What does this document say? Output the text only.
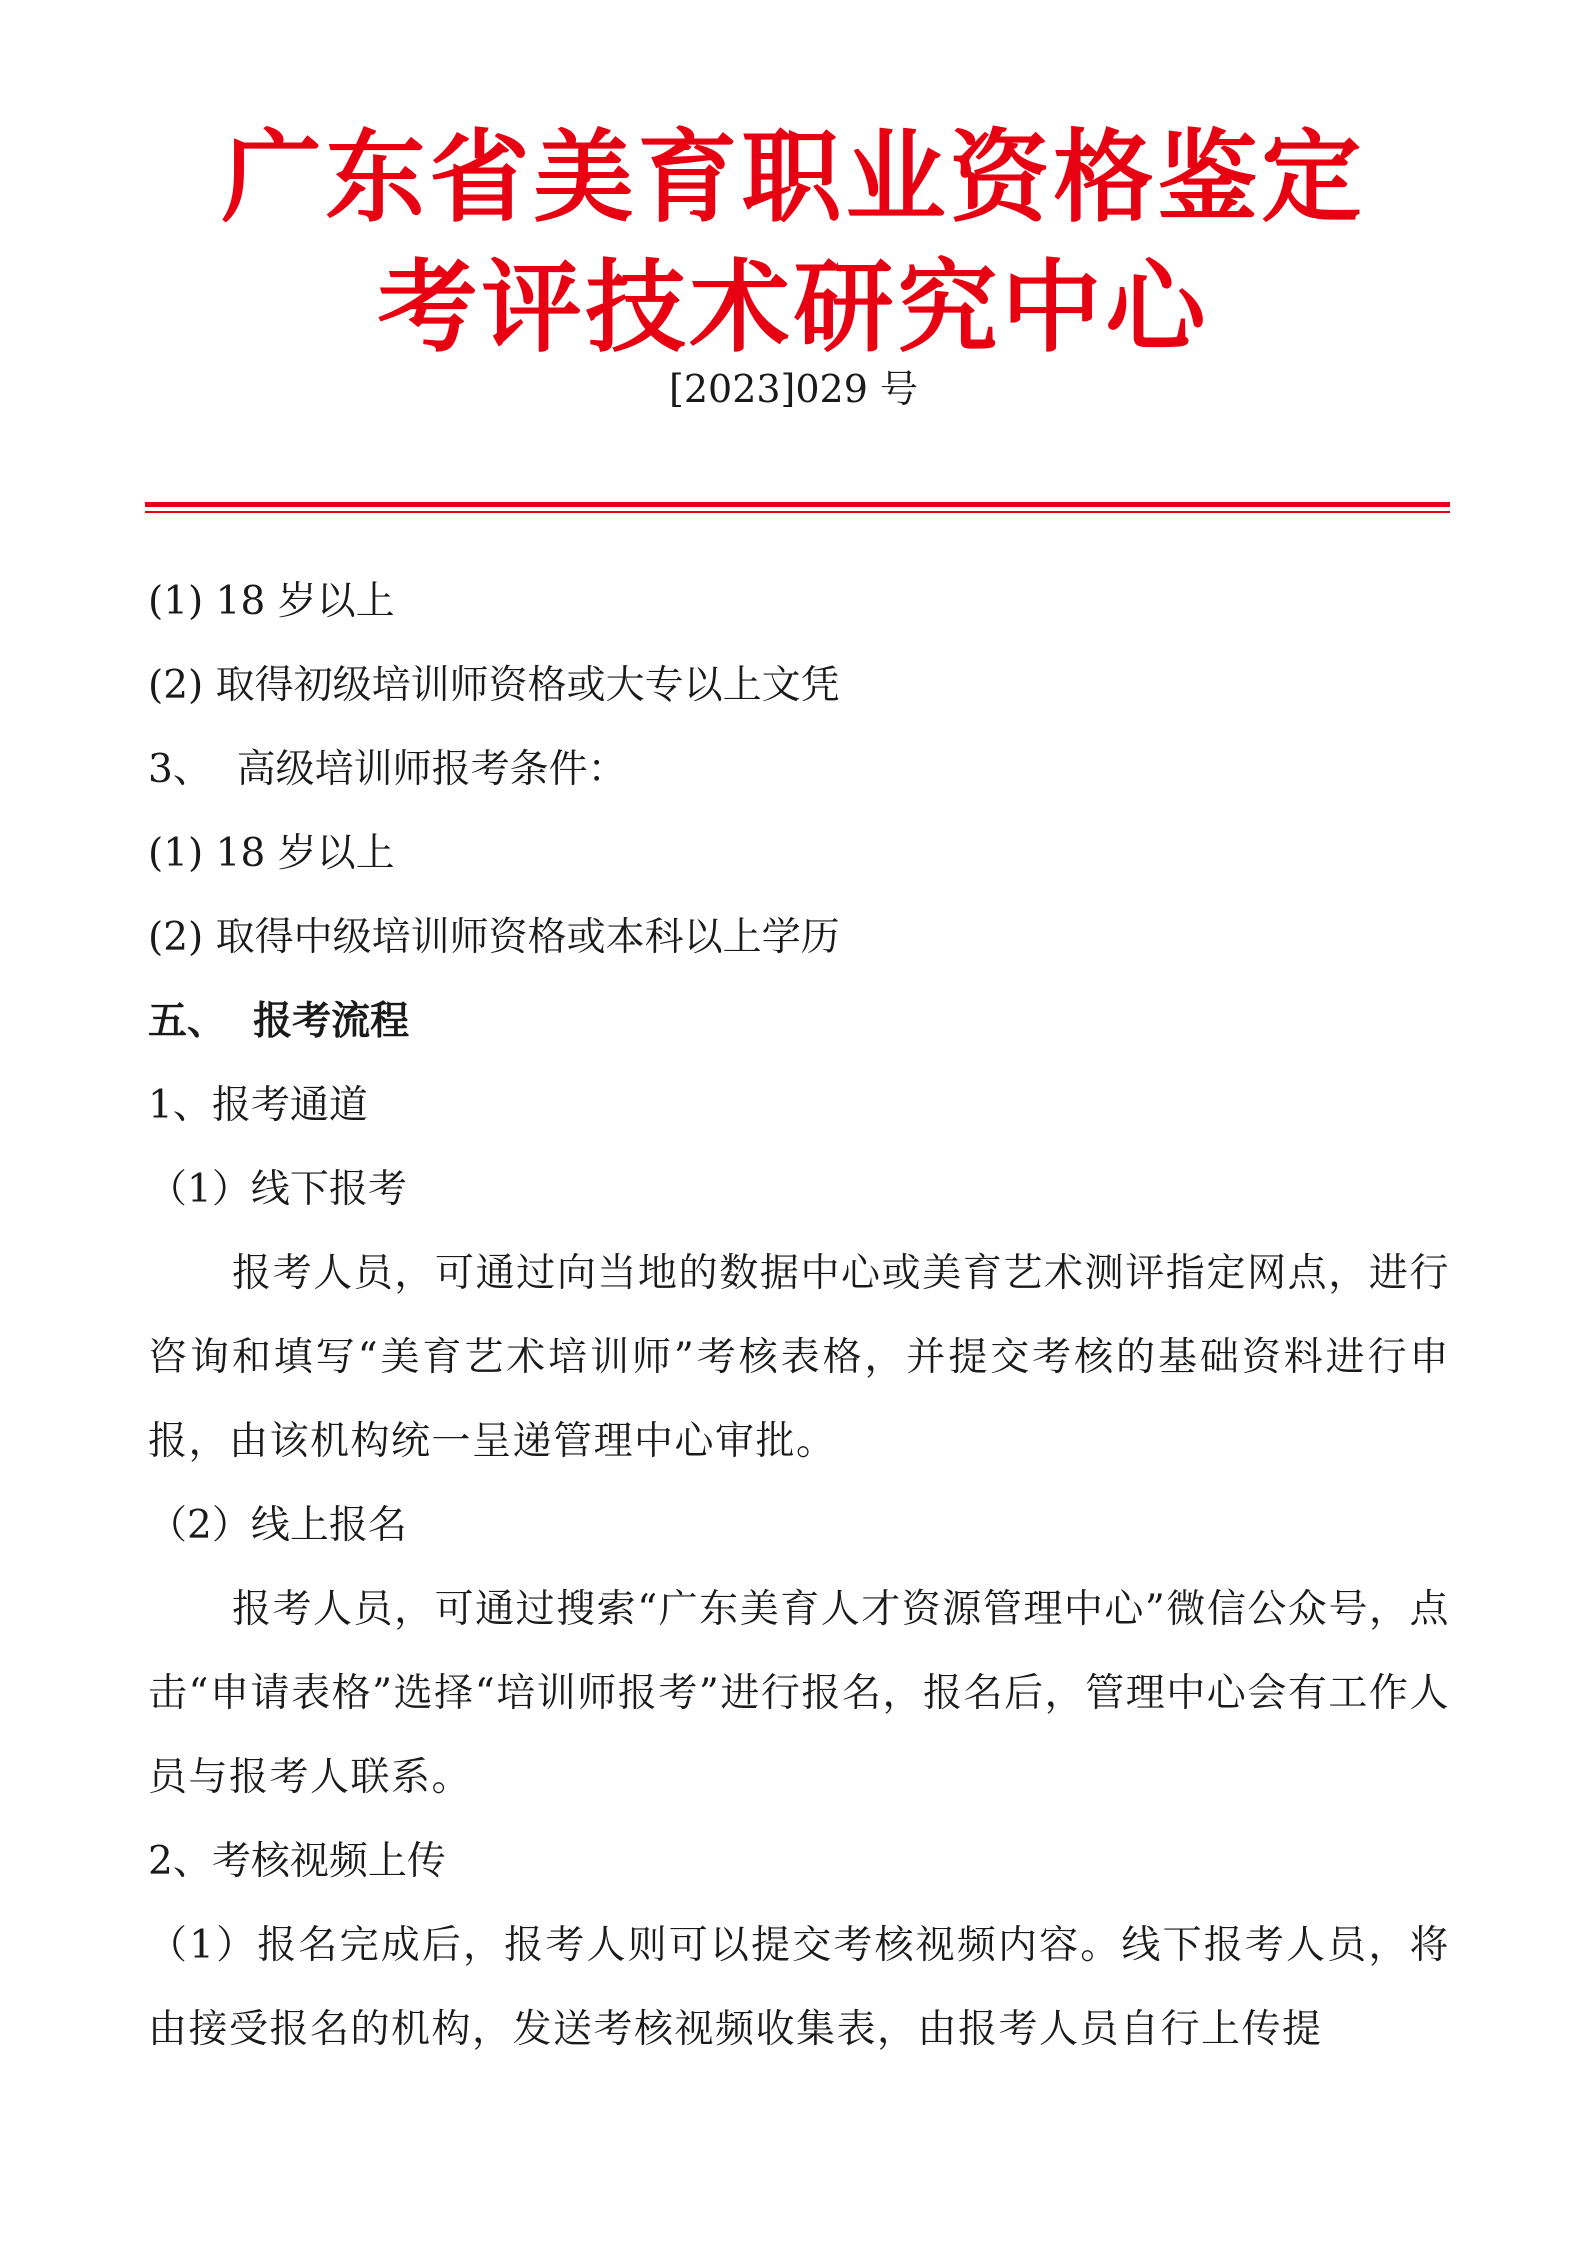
广东省美育职业资格鉴定
考评技术研究中心
[2023]029 号

(1) 18 岁以上

(2) 取得初级培训师资格或大专以上文凭

3、  高级培训师报考条件：

(1) 18 岁以上

(2) 取得中级培训师资格或本科以上学历

五、  报考流程

1、报考通道

（1）线下报考

报考人员，可通过向当地的数据中心或美育艺术测评指定网点，进行咨询和填写“美育艺术培训师”考核表格，并提交考核的基础资料进行申报，由该机构统一呈递管理中心审批。

（2）线上报名

报考人员，可通过搜索“广东美育人才资源管理中心”微信公众号，点击“申请表格”选择“培训师报考”进行报名，报名后，管理中心会有工作人员与报考人联系。

2、考核视频上传

（1）报名完成后，报考人则可以提交考核视频内容。线下报考人员，将由接受报名的机构，发送考核视频收集表，由报考人员自行上传提
